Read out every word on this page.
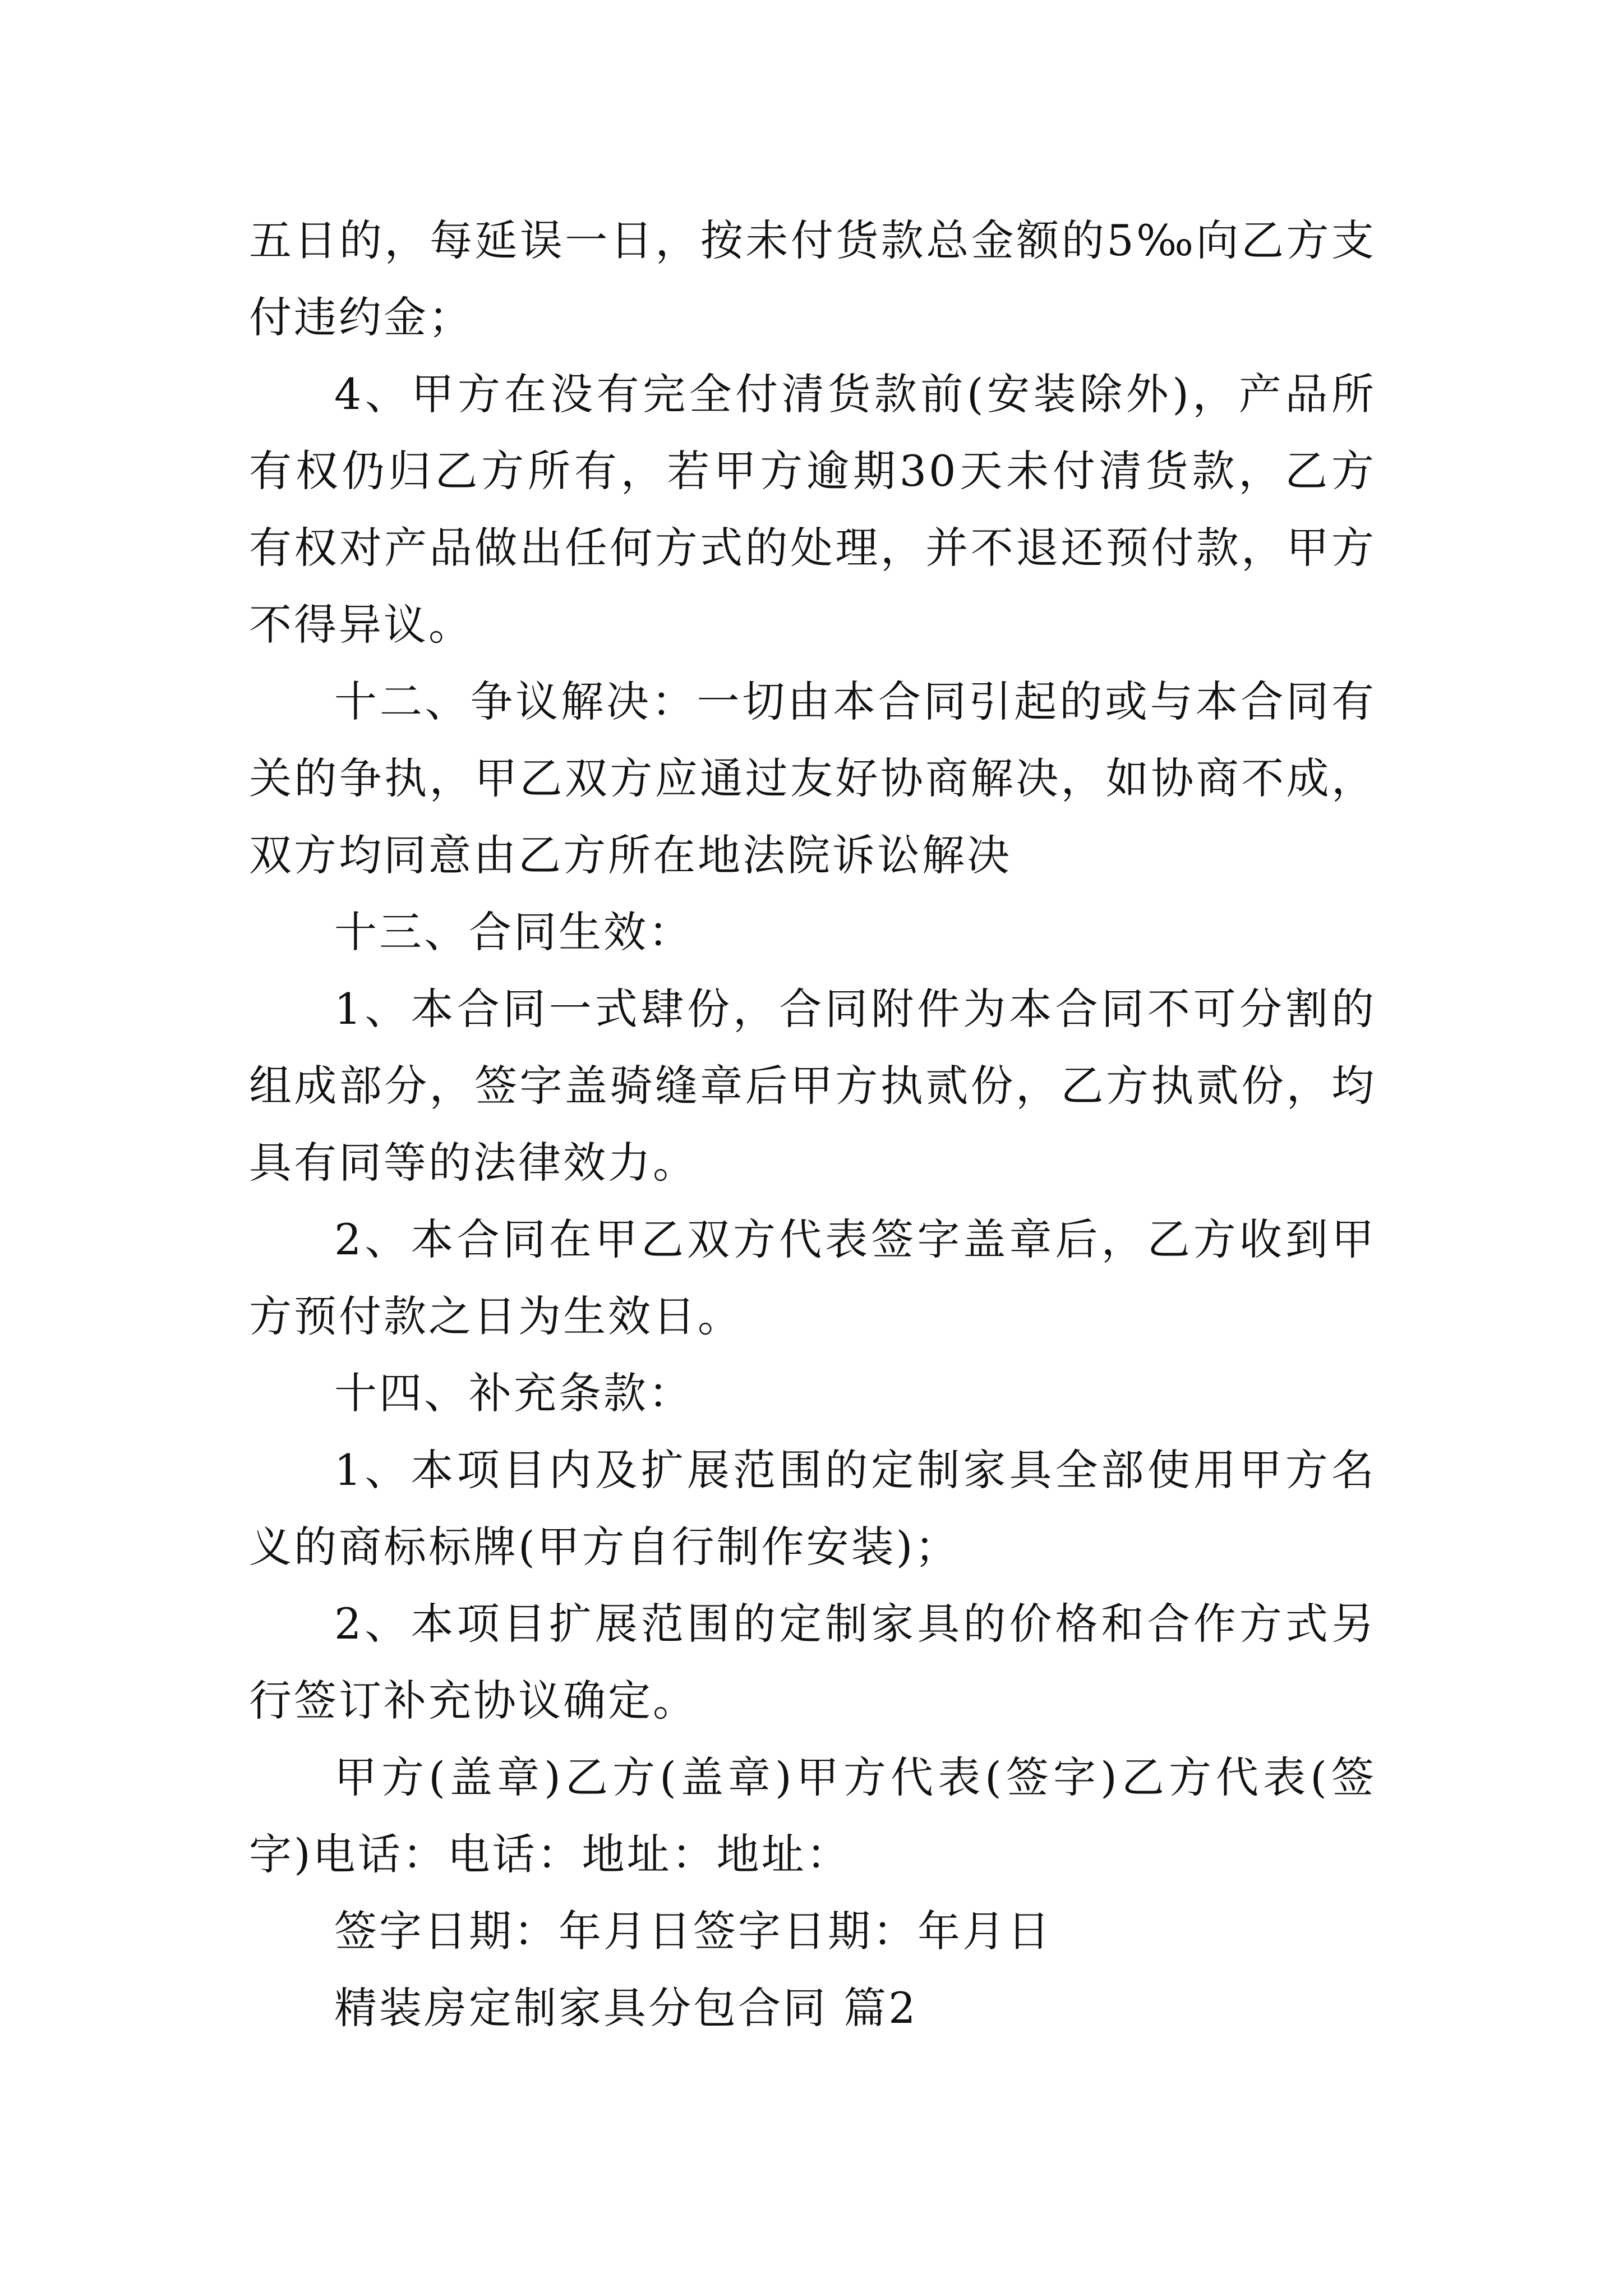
五日的，每延误一日，按未付货款总金额的5‰向乙方支付违约金；

4、甲方在没有完全付清货款前(安装除外)，产品所有权仍归乙方所有，若甲方逾期30天未付清货款，乙方有权对产品做出任何方式的处理，并不退还预付款，甲方不得异议。

十二、争议解决：一切由本合同引起的或与本合同有关的争执，甲乙双方应通过友好协商解决，如协商不成，双方均同意由乙方所在地法院诉讼解决

十三、合同生效：

1、本合同一式肆份，合同附件为本合同不可分割的组成部分，签字盖骑缝章后甲方执贰份，乙方执贰份，均具有同等的法律效力。

2、本合同在甲乙双方代表签字盖章后，乙方收到甲方预付款之日为生效日。

十四、补充条款：

1、本项目内及扩展范围的定制家具全部使用甲方名义的商标标牌(甲方自行制作安装)；

2、本项目扩展范围的定制家具的价格和合作方式另行签订补充协议确定。

甲方(盖章)乙方(盖章)甲方代表(签字)乙方代表(签字)电话：电话：地址：地址：

签字日期：年月日签字日期：年月日

精装房定制家具分包合同 篇2
